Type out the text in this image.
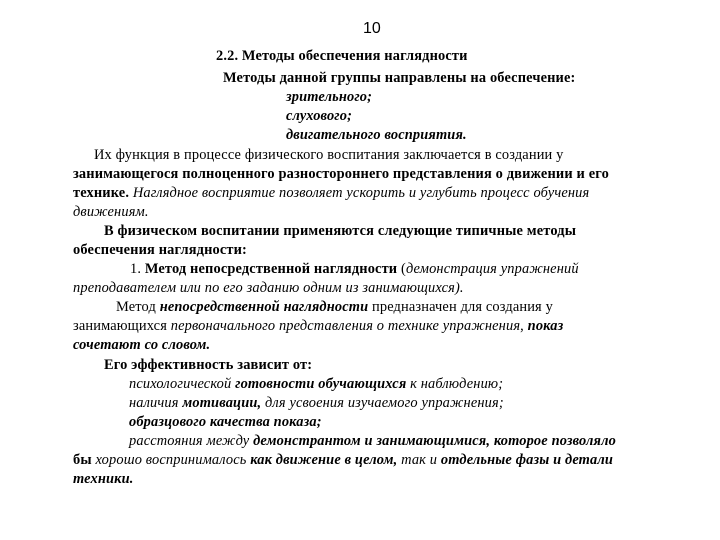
10
2.2. Методы обеспечения наглядности
Методы данной группы направлены на обеспечение:
зрительного;
слухового;
двигательного восприятия.
Их функция в процессе физического воспитания заключается в создании у
занимающегося полноценного разностороннего представления о движении и его
технике. Наглядное восприятие позволяет ускорить и углубить процесс обучения
движениям.
В физическом воспитании применяются следующие типичные методы
обеспечения наглядности:
1. Метод непосредственной наглядности (демонстрация упражнений
преподавателем или по его заданию одним из занимающихся).
Метод непосредственной наглядности предназначен для создания у
занимающихся первоначального представления о технике упражнения, показ
сочетают со словом.
Его эффективность зависит от:
психологической готовности обучающихся к наблюдению;
наличия мотивации, для усвоения изучаемого упражнения;
образцового качества показа;
расстояния между демонстрантом и занимающимися, которое позволяло
бы хорошо воспринималось как движение в целом, так и отдельные фазы и детали
техники.
